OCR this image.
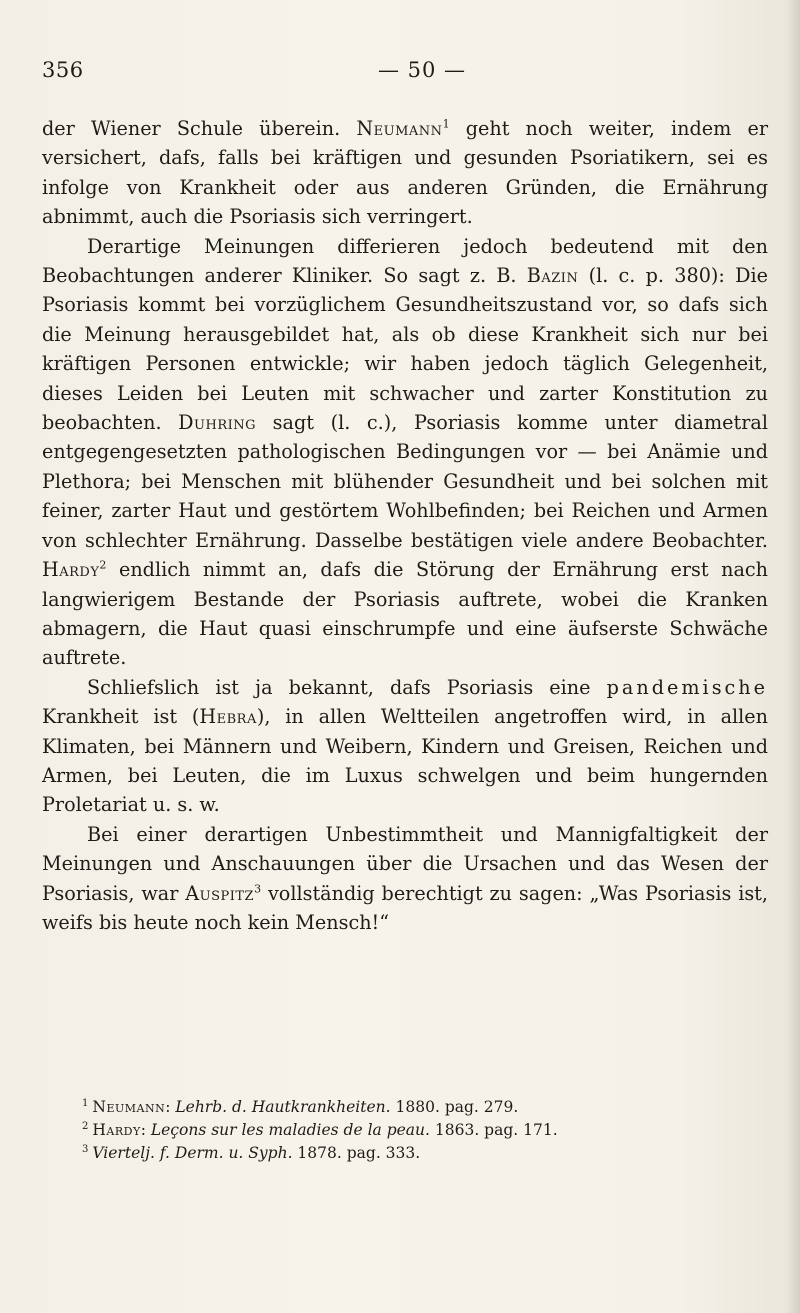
356	— 50 —

der Wiener Schule überein. Neumann$^1$ geht noch weiter, indem er versichert, dafs, falls bei kräftigen und gesunden Psoriatikern, sei es infolge von Krankheit oder aus anderen Gründen, die Ernährung abnimmt, auch die Psoriasis sich verringert.

Derartige Meinungen differieren jedoch bedeutend mit den Beobachtungen anderer Kliniker. So sagt z. B. Bazin (l. c. p. 380): Die Psoriasis kommt bei vorzüglichem Gesundheitszustand vor, so dafs sich die Meinung herausgebildet hat, als ob diese Krankheit sich nur bei kräftigen Personen entwickle; wir haben jedoch täglich Gelegenheit, dieses Leiden bei Leuten mit schwacher und zarter Konstitution zu beobachten. Duhring sagt (l. c.), Psoriasis komme unter diametral entgegengesetzten pathologischen Bedingungen vor — bei Anämie und Plethora; bei Menschen mit blühender Gesundheit und bei solchen mit feiner, zarter Haut und gestörtem Wohlbefinden; bei Reichen und Armen von schlechter Ernährung. Dasselbe bestätigen viele andere Beobachter. Hardy$^2$ endlich nimmt an, dafs die Störung der Ernährung erst nach langwierigem Bestande der Psoriasis auftrete, wobei die Kranken abmagern, die Haut quasi einschrumpfe und eine äufserste Schwäche auftrete.

Schliefslich ist ja bekannt, dafs Psoriasis eine pandemische Krankheit ist (Hebra), in allen Weltteilen angetroffen wird, in allen Klimaten, bei Männern und Weibern, Kindern und Greisen, Reichen und Armen, bei Leuten, die im Luxus schwelgen und beim hungernden Proletariat u. s. w.

Bei einer derartigen Unbestimmtheit und Mannigfaltigkeit der Meinungen und Anschauungen über die Ursachen und das Wesen der Psoriasis, war Auspitz$^3$ vollständig berechtigt zu sagen: „Was Psoriasis ist, weifs bis heute noch kein Mensch!“

$^1$ Neumann: Lehrb. d. Hautkrankheiten. 1880. pag. 279.
$^2$ Hardy: Leçons sur les maladies de la peau. 1863. pag. 171.
$^3$ Viertelj. f. Derm. u. Syph. 1878. pag. 333.
